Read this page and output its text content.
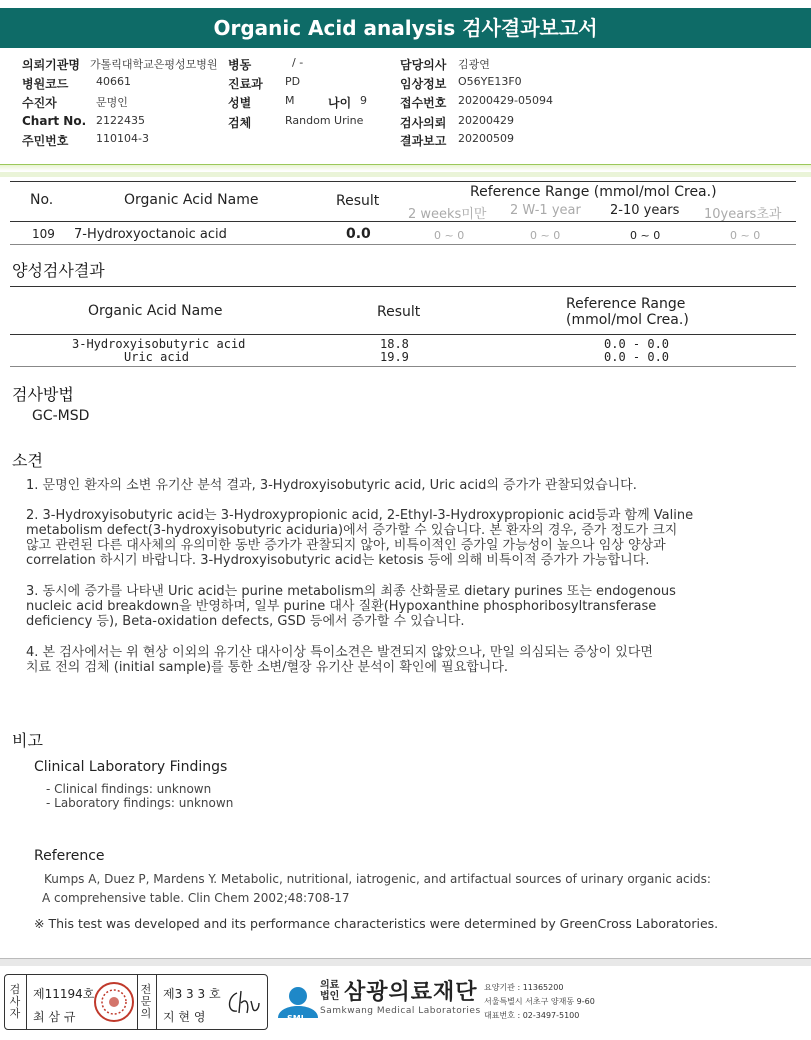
Organic Acid analysis 검사결과보고서
의뢰기관명 가톨릭대학교은평성모병원 병동	/ -	담당의사 김광연
병원코드	40661	진료과 PD	임상정보 O56YE13F0
수진자	문명인	성별	M	나이 9	접수번호 20200429-05094
Chart No. 2122435	검체	Random Urine	검사의뢰 20200429
주민번호	110104-3	결과보고 20200509
No.	Organic Acid Name	Result
Reference Range (mmol/mol Crea.)
2 weeks미만 2 W-1 year 2-10 years 10years초과
109 7-Hydroxyoctanoic acid	0.0	0 ~ 0	0 ~ 0	0 ~ 0	0 ~ 0
양성검사결과
Organic Acid Name	Result	Reference Range
(mmol/mol Crea.)
3-Hydroxyisobutyric acid	18.8	0.0 - 0.0
Uric acid	19.9	0.0 - 0.0
검사방법
GC-MSD
소견
1. 문명인 환자의 소변 유기산 분석 결과, 3-Hydroxyisobutyric acid, Uric acid의 증가가 관찰되었습니다.
2. 3-Hydroxyisobutyric acid는 3-Hydroxypropionic acid, 2-Ethyl-3-Hydroxypropionic acid등과 함께 Valine
metabolism defect(3-hydroxyisobutyric aciduria)에서 증가할 수 있습니다. 본 환자의 경우, 증가 정도가 크지
않고 관련된 다른 대사체의 유의미한 동반 증가가 관찰되지 않아, 비특이적인 증가일 가능성이 높으나 임상 양상과
correlation 하시기 바랍니다. 3-Hydroxyisobutyric acid는 ketosis 등에 의해 비특이적 증가가 가능합니다.
3. 동시에 증가를 나타낸 Uric acid는 purine metabolism의 최종 산화물로 dietary purines 또는 endogenous
nucleic acid breakdown을 반영하며, 일부 purine 대사 질환(Hypoxanthine phosphoribosyltransferase
deficiency 등), Beta-oxidation defects, GSD 등에서 증가할 수 있습니다.
4. 본 검사에서는 위 현상 이외의 유기산 대사이상 특이소견은 발견되지 않았으나, 만일 의심되는 증상이 있다면
치료 전의 검체 (initial sample)를 통한 소변/혈장 유기산 분석이 확인에 필요합니다.
비고
Clinical Laboratory Findings
- Clinical findings: unknown
- Laboratory findings: unknown
Reference
Kumps A, Duez P, Mardens Y. Metabolic, nutritional, iatrogenic, and artifactual sources of urinary organic acids:
A comprehensive table. Clin Chem 2002;48:708-17
※ This test was developed and its performance characteristics were determined by GreenCross Laboratories.
검사자
제11194호
최 삼 규
전문의
제3 3 3 호
지 현 영	SML
의료
법인 삼광의료재단
Samkwang Medical Laboratories
요양기관 : 11365200
서울특별시 서초구 양재동 9-60
대표번호 : 02-3497-5100
